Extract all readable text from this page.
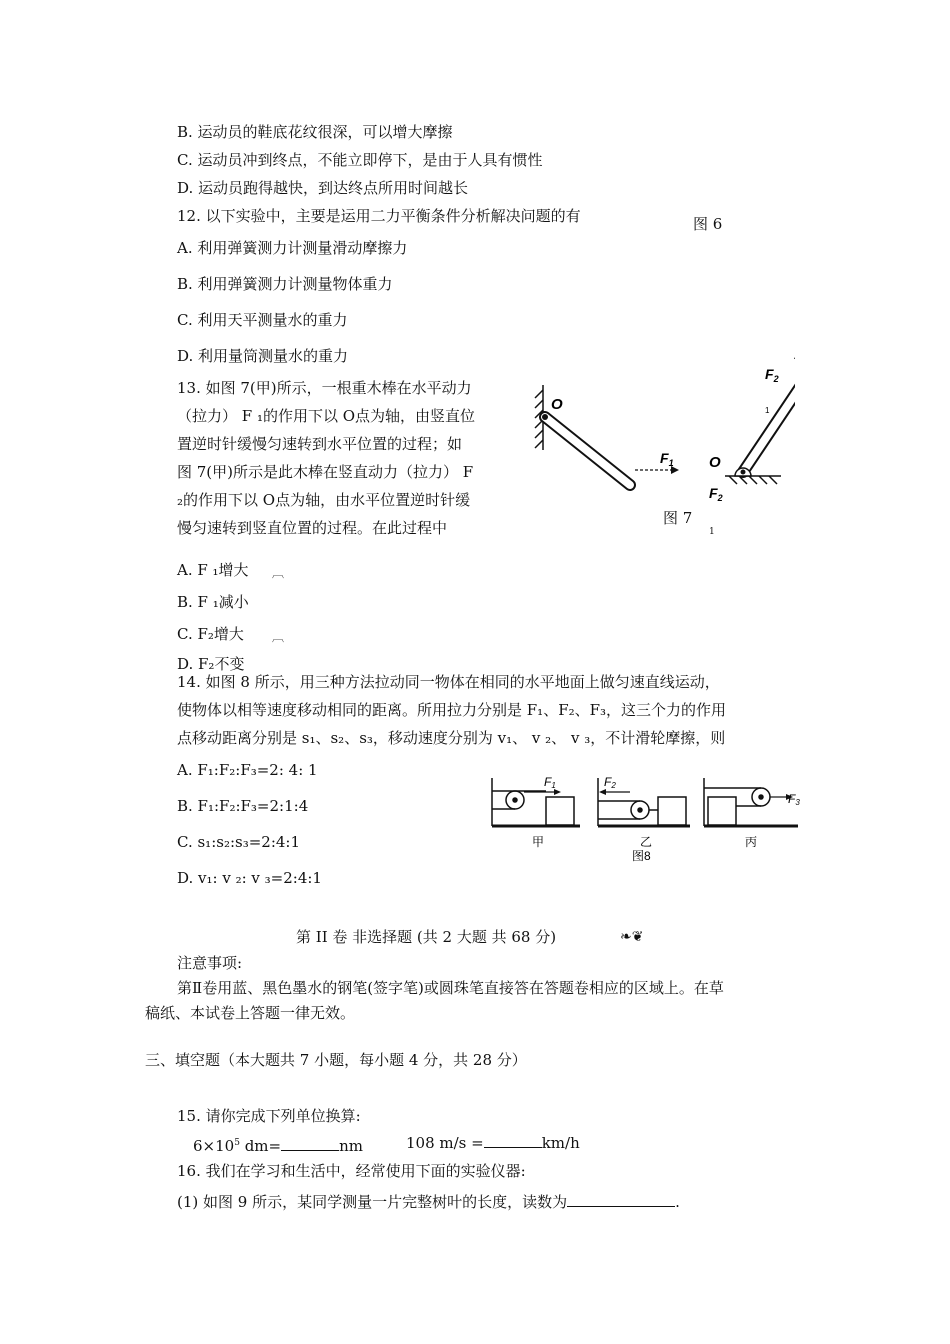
B. 运动员的鞋底花纹很深，可以增大摩擦
C. 运动员冲到终点，不能立即停下，是由于人具有惯性
D. 运动员跑得越快，到达终点所用时间越长
12. 以下实验中，主要是运用二力平衡条件分析解决问题的有	图 6
A. 利用弹簧测力计测量滑动摩擦力
B. 利用弹簧测力计测量物体重力
C. 利用天平测量水的重力
D. 利用量筒测量水的重力
13. 如图 7(甲)所示，一根重木棒在水平动力
（拉力） F ₁的作用下以 O点为轴，由竖直位
置逆时针缓慢匀速转到水平位置的过程；如
图 7(甲)所示是此木棒在竖直动力（拉力） F
₂的作用下以 O点为轴，由水平位置逆时针缓
慢匀速转到竖直位置的过程。在此过程中
O
$F_1$ O
$F_2$
1
$F_2$
图 7
1
A. F ₁增大 ︹
B. F ₁减小
C. F₂增大 ︹
D. F₂不变
14. 如图 8 所示，用三种方法拉动同一物体在相同的水平地面上做匀速直线运动，
使物体以相等速度移动相同的距离。所用拉力分别是 F₁、F₂、F₃，这三个力的作用
点移动距离分别是 s₁、s₂、s₃，移动速度分别为 v₁、 v ₂、 v ₃，不计滑轮摩擦，则
A. F₁:F₂:F₃=2: 4: 1
B. F₁:F₂:F₃=2:1:4
C. s₁:s₂:s₃=2:4:1
D. v₁: v ₂: v ₃=2:4:1
F1	F2
F3
甲	乙	丙
图8
第 II 卷 非选择题 (共 2 大题 共 68 分)	❧❦
注意事项:
第Ⅱ卷用蓝、黑色墨水的钢笔(签字笔)或圆珠笔直接答在答题卷相应的区域上。在草
稿纸、本试卷上答题一律无效。
三、填空题（本大题共 7 小题，每小题 4 分，共 28 分）
15. 请你完成下列单位换算:
$6\times 10^5$ dm=	nm	108 m/s =	km/h
16. 我们在学习和生活中，经常使用下面的实验仪器:
(1) 如图 9 所示，某同学测量一片完整树叶的长度，读数为	.
